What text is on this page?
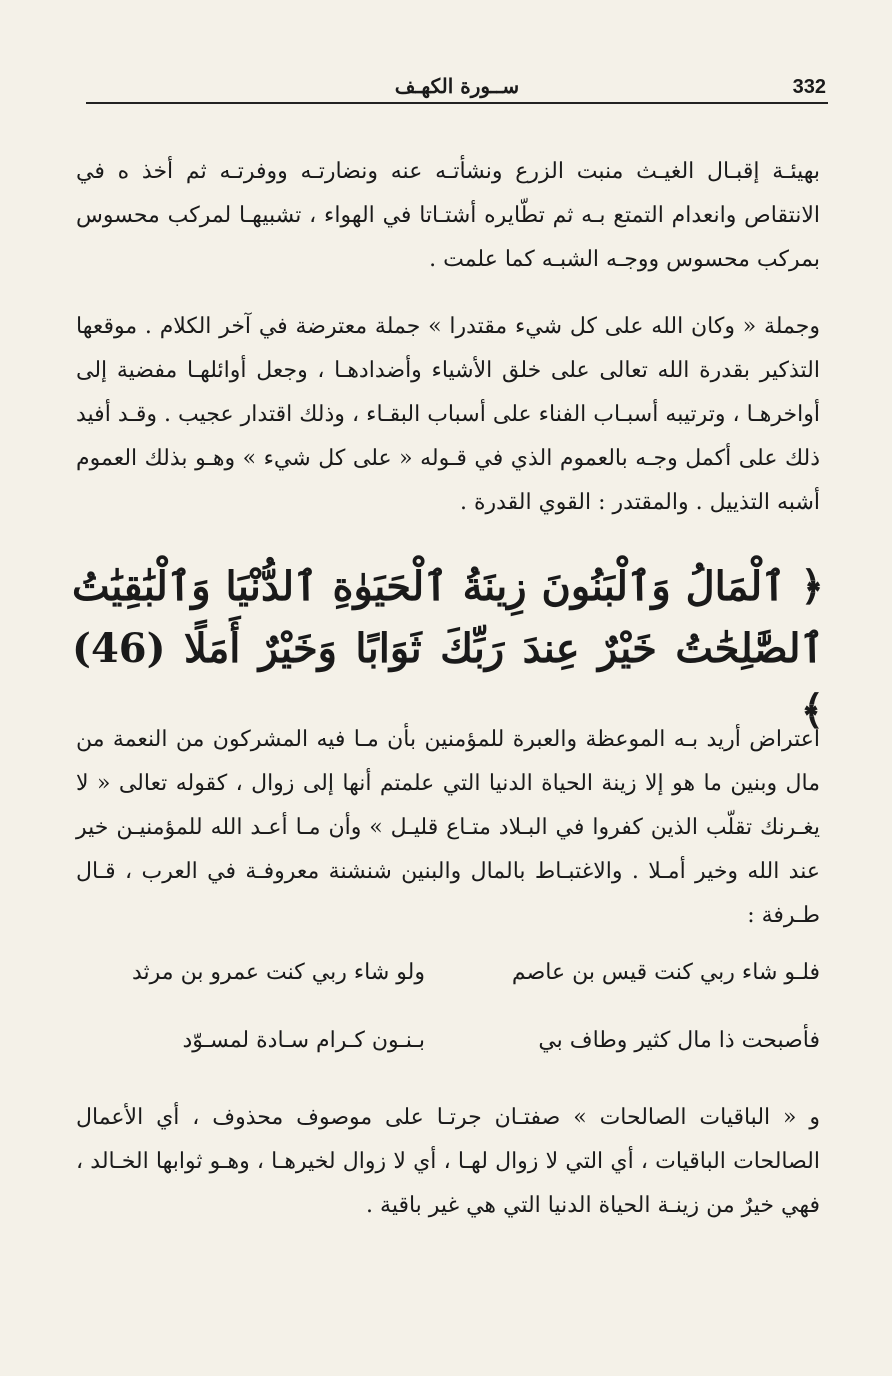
332
ســورة الكهـف

بهيئـة إقبـال الغيـث منبت الزرع ونشأتـه عنه ونضارتـه ووفرتـه ثم أخذ ه في الانتقاص وانعدام التمتع بـه ثم تطّايره أشتـاتا في الهواء ، تشبيهـا لمركب محسوس بمركب محسوس ووجـه الشبـه كما علمت .

وجملة « وكان الله على كل شيء مقتدرا » جملة معترضة في آخر الكلام . موقعها التذكير بقدرة الله تعالى على خلق الأشياء وأضدادهـا ، وجعل أوائلهـا مفضية إلى أواخرهـا ، وترتيبه أسبـاب الفناء على أسباب البقـاء ، وذلك اقتدار عجيب . وقـد أفيد ذلك على أكمل وجـه بالعموم الذي في قـوله « على كل شيء » وهـو بذلك العموم أشبه التذييل . والمقتدر : القوي القدرة .

﴿ ٱلْمَالُ وَٱلْبَنُونَ زِينَةُ ٱلْحَيَوٰةِ ٱلدُّنْيَا وَٱلْبَٰقِيَٰتُ ٱلصَّٰلِحَٰتُ خَيْرٌ عِندَ رَبِّكَ ثَوَابًا وَخَيْرٌ أَمَلًا (46) ﴾

اعتراض أريد بـه الموعظة والعبرة للمؤمنين بأن مـا فيه المشركون من النعمة من مال وبنين ما هو إلا زينة الحياة الدنيا التي علمتم أنها إلى زوال ، كقوله تعالى « لا يغـرنك تقلّب الذين كفروا في البـلاد متـاع قليـل » وأن مـا أعـد الله للمؤمنيـن خير عند الله وخير أمـلا . والاغتبـاط بالمال والبنين شنشنة معروفـة في العرب ، قـال طـرفة :

فلـو شاء ربي كنت قيس بن عاصم
ولو شاء ربي كنت عمرو بن مرثد
فأصبحت ذا مال كثير وطاف بي
بـنـون كـرام سـادة لمسـوّد

و « الباقيات الصالحات » صفتـان جرتـا على موصوف محذوف ، أي الأعمال الصالحات الباقيات ، أي التي لا زوال لهـا ، أي لا زوال لخيرهـا ، وهـو ثوابها الخـالد ، فهي خيرٌ من زينـة الحياة الدنيا التي هي غير باقية .
